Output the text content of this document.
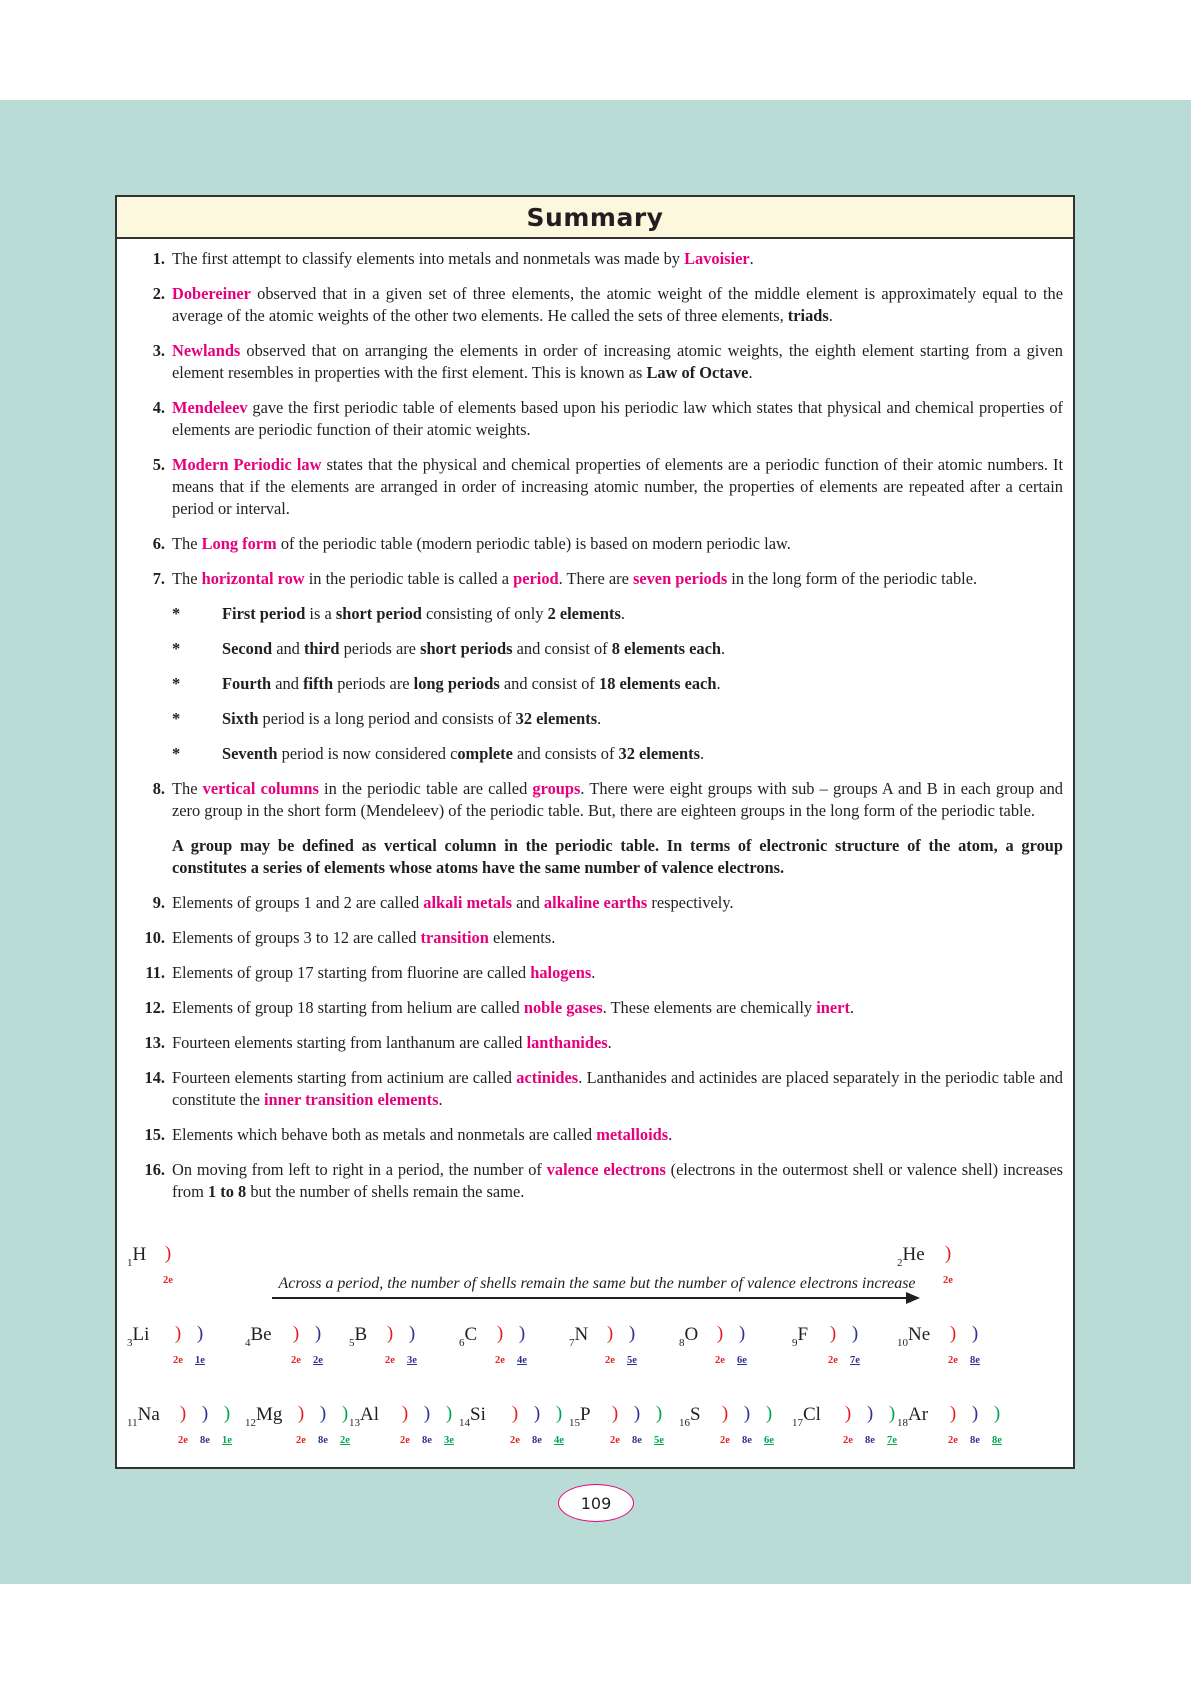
Summary
1. The first attempt to classify elements into metals and nonmetals was made by Lavoisier.
2. Dobereiner observed that in a given set of three elements, the atomic weight of the middle element is approximately equal to the average of the atomic weights of the other two elements. He called the sets of three elements, triads.
3. Newlands observed that on arranging the elements in order of increasing atomic weights, the eighth element starting from a given element resembles in properties with the first element. This is known as Law of Octave.
4. Mendeleev gave the first periodic table of elements based upon his periodic law which states that physical and chemical properties of elements are periodic function of their atomic weights.
5. Modern Periodic law states that the physical and chemical properties of elements are a periodic function of their atomic numbers. It means that if the elements are arranged in order of increasing atomic number, the properties of elements are repeated after a certain period or interval.
6. The Long form of the periodic table (modern periodic table) is based on modern periodic law.
7. The horizontal row in the periodic table is called a period. There are seven periods in the long form of the periodic table.
*	First period is a short period consisting of only 2 elements.
*	Second and third periods are short periods and consist of 8 elements each.
*	Fourth and fifth periods are long periods and consist of 18 elements each.
*	Sixth period is a long period and consists of 32 elements.
*	Seventh period is now considered complete and consists of 32 elements.
8. The vertical columns in the periodic table are called groups. There were eight groups with sub – groups A and B in each group and zero group in the short form (Mendeleev) of the periodic table. But, there are eighteen groups in the long form of the periodic table.
A group may be defined as vertical column in the periodic table. In terms of electronic structure of the atom, a group constitutes a series of elements whose atoms have the same number of valence electrons.
9. Elements of groups 1 and 2 are called alkali metals and alkaline earths respectively.
10. Elements of groups 3 to 12 are called transition elements.
11. Elements of group 17 starting from fluorine are called halogens.
12. Elements of group 18 starting from helium are called noble gases. These elements are chemically inert.
13. Fourteen elements starting from lanthanum are called lanthanides.
14. Fourteen elements starting from actinium are called actinides. Lanthanides and actinides are placed separately in the periodic table and constitute the inner transition elements.
15. Elements which behave both as metals and nonmetals are called metalloids.
16. On moving from left to right in a period, the number of valence electrons (electrons in the outermost shell or valence shell) increases from 1 to 8 but the number of shells remain the same.
Across a period, the number of shells remain the same but the number of valence electrons increase
$_1$H )
2e
$_2$He	)
2e
$_3$Li	) )
2e 1e
$_4$Be	) )
2e 2e
$_5$B	) )
2e 3e
$_6$C	) )
2e 4e
$_7$N ) )
2e 5e
$_8$O ) )
2e 6e
$_9$F	) )
2e 7e
$_{10}$Ne	) )
2e 8e
$_{11}$Na	) ) )
2e 8e 1e
$_{12}$Mg ) ) )
2e 8e 2e
$_{13}$Al	) ) )
2e 8e 3e
$_{14}$Si	) ) )
2e 8e 4e
$_{15}$P	) ) )
2e 8e 5e
$_{16}$S	) ) )
2e 8e 6e
$_{17}$Cl	) ) )
2e 8e 7e
$_{18}$Ar	) ) )
2e 8e 8e
109
